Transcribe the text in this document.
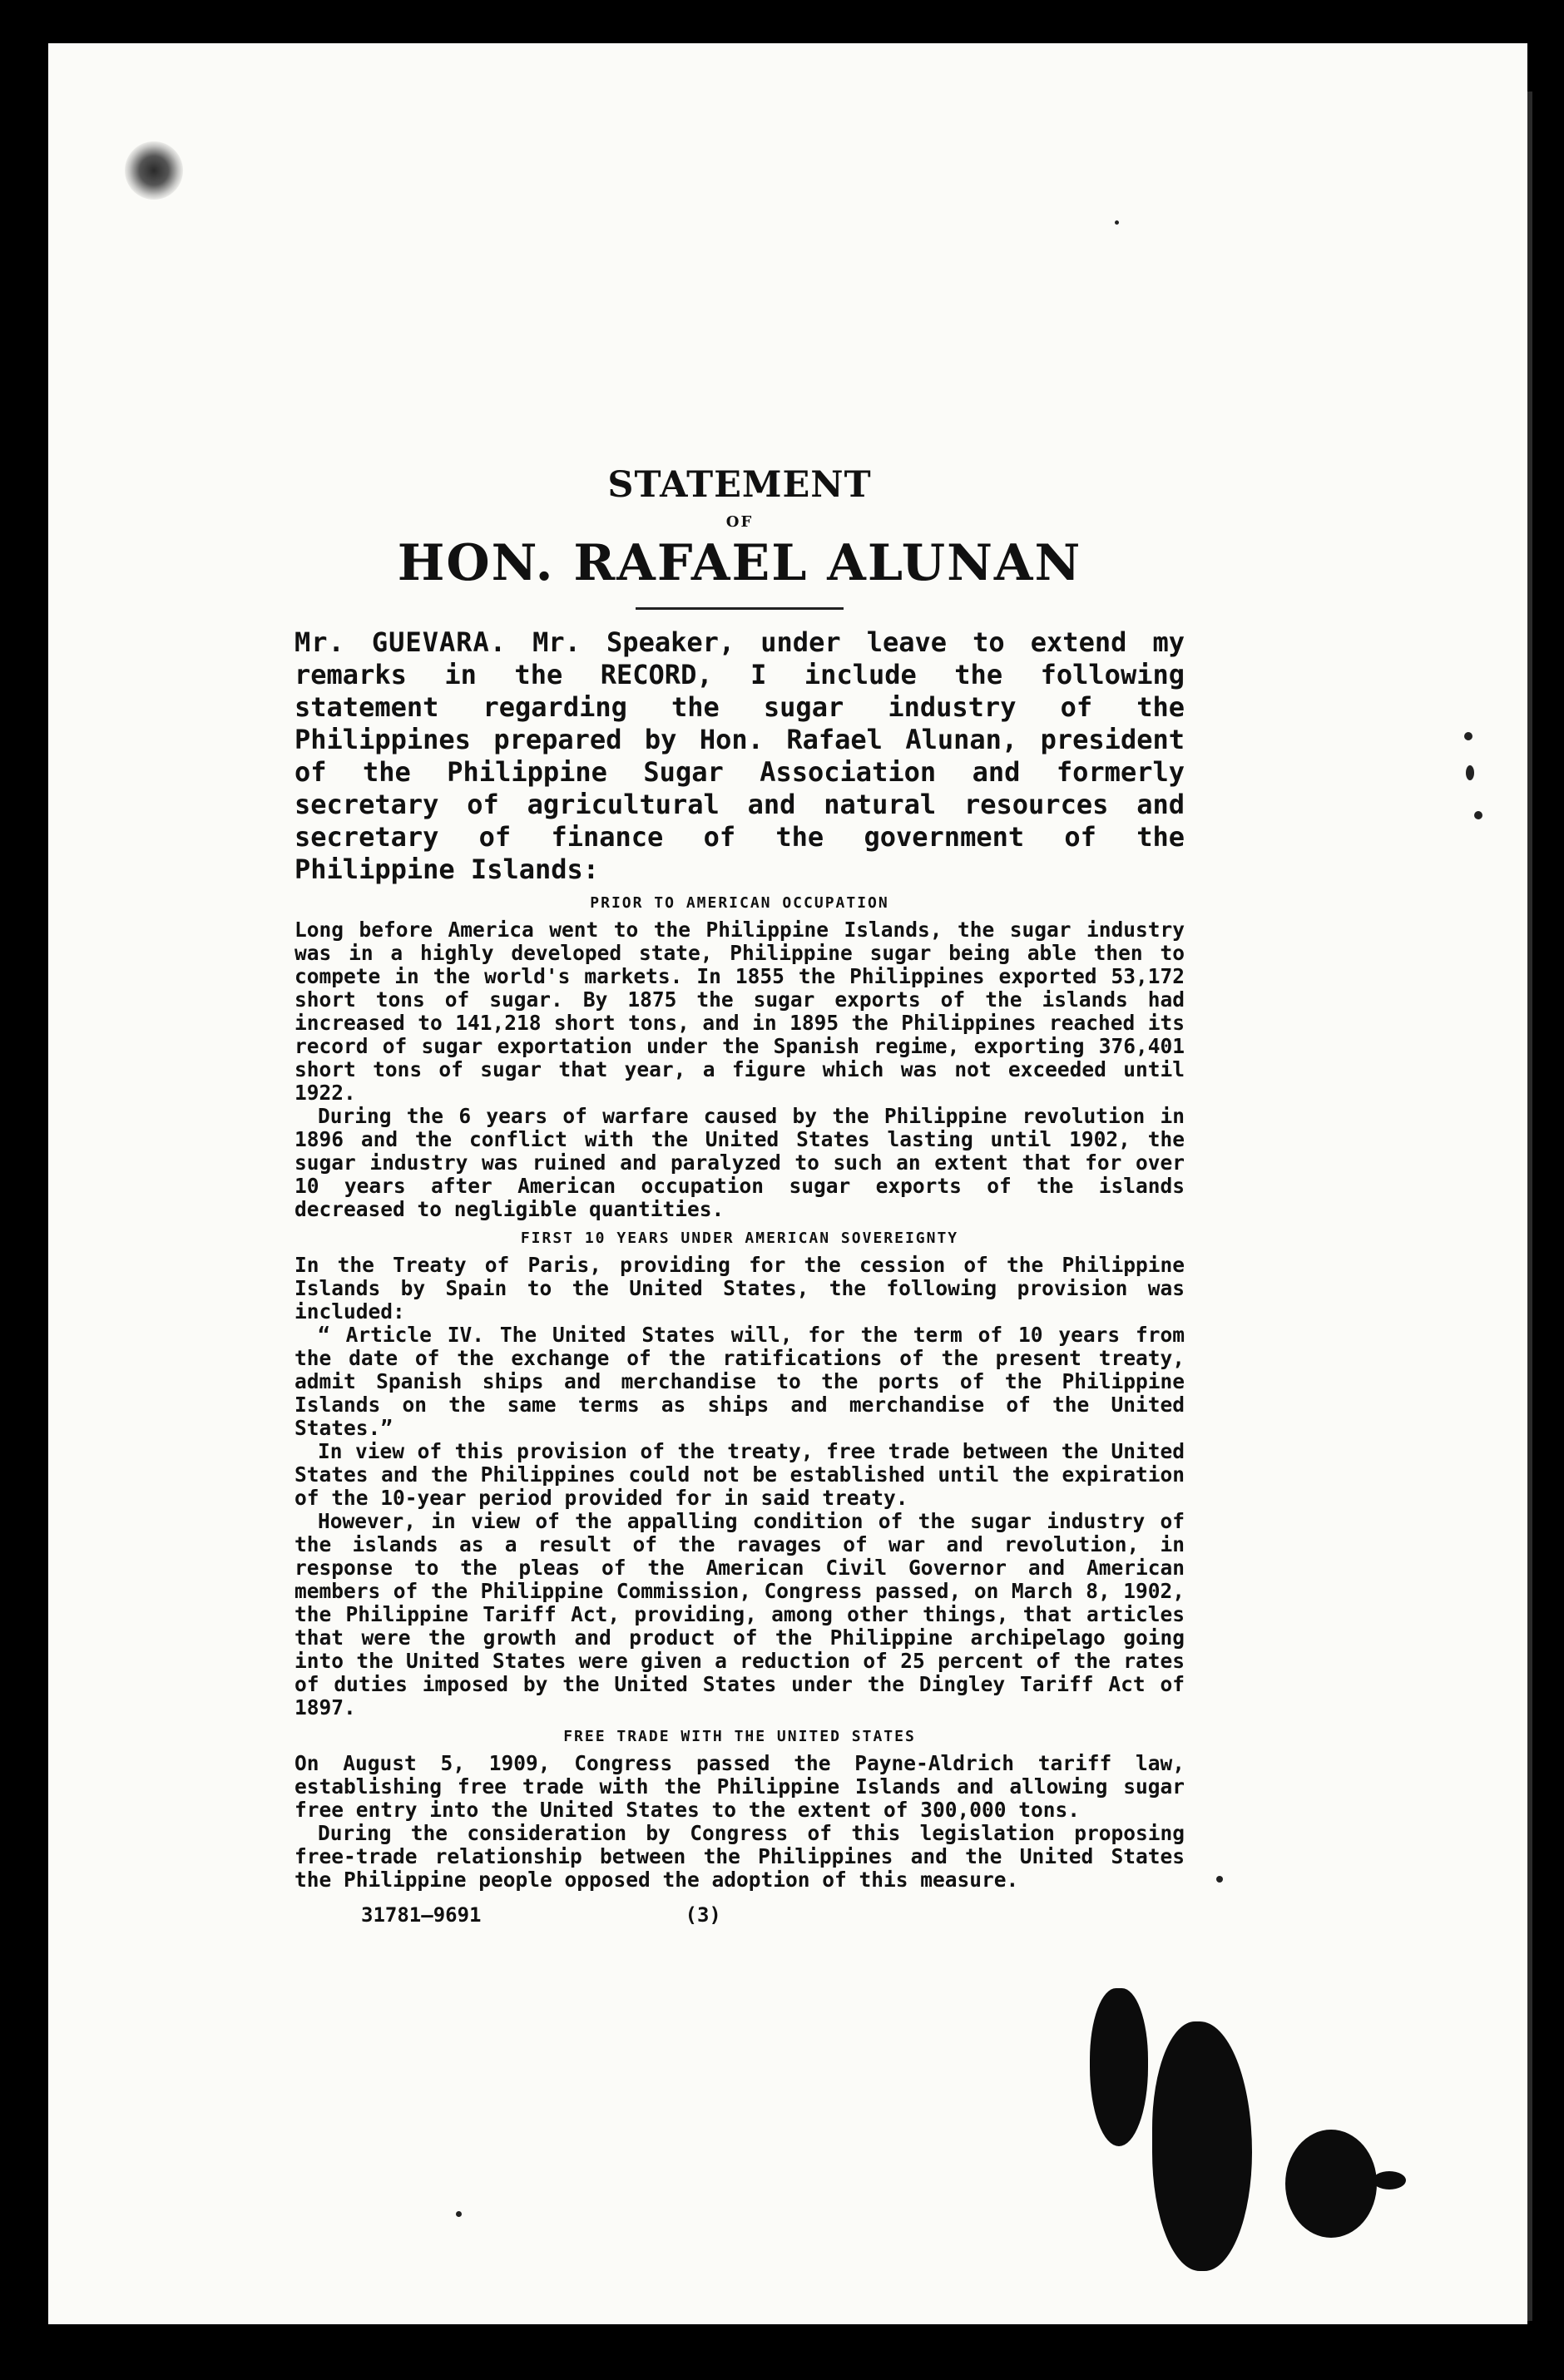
STATEMENT
OF
HON. RAFAEL ALUNAN

Mr. GUEVARA. Mr. Speaker, under leave to extend my remarks in the RECORD, I include the following statement regarding the sugar industry of the Philippines prepared by Hon. Rafael Alunan, president of the Philippine Sugar Association and formerly secretary of agricultural and natural resources and secretary of finance of the government of the Philippine Islands:

PRIOR TO AMERICAN OCCUPATION

Long before America went to the Philippine Islands, the sugar industry was in a highly developed state, Philippine sugar being able then to compete in the world's markets. In 1855 the Philippines exported 53,172 short tons of sugar. By 1875 the sugar exports of the islands had increased to 141,218 short tons, and in 1895 the Philippines reached its record of sugar exportation under the Spanish regime, exporting 376,401 short tons of sugar that year, a figure which was not exceeded until 1922.

During the 6 years of warfare caused by the Philippine revolution in 1896 and the conflict with the United States lasting until 1902, the sugar industry was ruined and paralyzed to such an extent that for over 10 years after American occupation sugar exports of the islands decreased to negligible quantities.

FIRST 10 YEARS UNDER AMERICAN SOVEREIGNTY

In the Treaty of Paris, providing for the cession of the Philippine Islands by Spain to the United States, the following provision was included:

“ Article IV. The United States will, for the term of 10 years from the date of the exchange of the ratifications of the present treaty, admit Spanish ships and merchandise to the ports of the Philippine Islands on the same terms as ships and merchandise of the United States.”

In view of this provision of the treaty, free trade between the United States and the Philippines could not be established until the expiration of the 10-year period provided for in said treaty.

However, in view of the appalling condition of the sugar industry of the islands as a result of the ravages of war and revolution, in response to the pleas of the American Civil Governor and American members of the Philippine Commission, Congress passed, on March 8, 1902, the Philippine Tariff Act, providing, among other things, that articles that were the growth and product of the Philippine archipelago going into the United States were given a reduction of 25 percent of the rates of duties imposed by the United States under the Dingley Tariff Act of 1897.

FREE TRADE WITH THE UNITED STATES

On August 5, 1909, Congress passed the Payne-Aldrich tariff law, establishing free trade with the Philippine Islands and allowing sugar free entry into the United States to the extent of 300,000 tons.

During the consideration by Congress of this legislation proposing free-trade relationship between the Philippines and the United States the Philippine people opposed the adoption of this measure.

31781—9691	(3)
